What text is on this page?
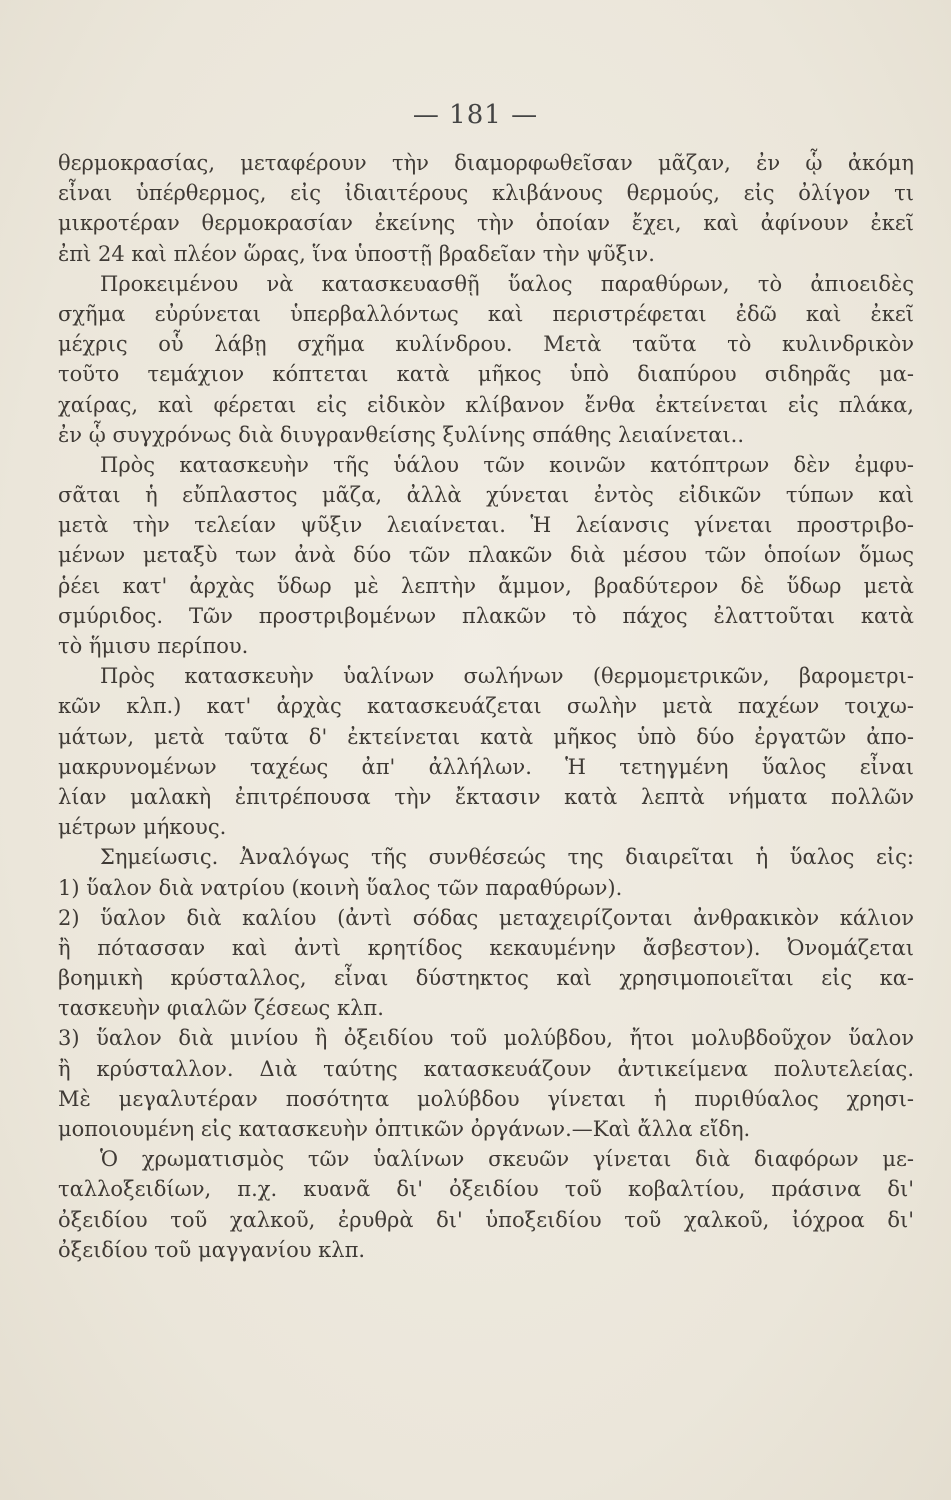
— 181 —
θερμοκρασίας, μεταφέρουν τὴν διαμορφωθεῖσαν μᾶζαν, ἐν ᾧ ἀκόμη
εἶναι ὑπέρθερμος, εἰς ἰδιαιτέρους κλιβάνους θερμούς, εἰς ὀλίγον τι
μικροτέραν θερμοκρασίαν ἐκείνης τὴν ὁποίαν ἔχει, καὶ ἀφίνουν ἐκεῖ
ἐπὶ 24 καὶ πλέον ὥρας, ἵνα ὑποστῇ βραδεῖαν τὴν ψῦξιν.
Προκειμένου νὰ κατασκευασθῇ ὕαλος παραθύρων, τὸ ἀπιοειδὲς
σχῆμα εὐρύνεται ὑπερβαλλόντως καὶ περιστρέφεται ἐδῶ καὶ ἐκεῖ
μέχρις οὗ λάβῃ σχῆμα κυλίνδρου. Μετὰ ταῦτα τὸ κυλινδρικὸν
τοῦτο τεμάχιον κόπτεται κατὰ μῆκος ὑπὸ διαπύρου σιδηρᾶς μα-
χαίρας, καὶ φέρεται εἰς εἰδικὸν κλίβανον ἔνθα ἐκτείνεται εἰς πλάκα,
ἐν ᾧ συγχρόνως διὰ διυγρανθείσης ξυλίνης σπάθης λειαίνεται..
Πρὸς κατασκευὴν τῆς ὑάλου τῶν κοινῶν κατόπτρων δὲν ἐμφυ-
σᾶται ἡ εὔπλαστος μᾶζα, ἀλλὰ χύνεται ἐντὸς εἰδικῶν τύπων καὶ
μετὰ τὴν τελείαν ψῦξιν λειαίνεται. Ἡ λείανσις γίνεται προστριβο-
μένων μεταξὺ των ἀνὰ δύο τῶν πλακῶν διὰ μέσου τῶν ὁποίων ὅμως
ῥέει κατ' ἀρχὰς ὕδωρ μὲ λεπτὴν ἄμμον, βραδύτερον δὲ ὕδωρ μετὰ
σμύριδος. Τῶν προστριβομένων πλακῶν τὸ πάχος ἐλαττοῦται κατὰ
τὸ ἥμισυ περίπου.
Πρὸς κατασκευὴν ὑαλίνων σωλήνων (θερμομετρικῶν, βαρομετρι-
κῶν κλπ.) κατ' ἀρχὰς κατασκευάζεται σωλὴν μετὰ παχέων τοιχω-
μάτων, μετὰ ταῦτα δ' ἐκτείνεται κατὰ μῆκος ὑπὸ δύο ἐργατῶν ἀπο-
μακρυνομένων ταχέως ἀπ' ἀλλήλων. Ἡ τετηγμένη ὕαλος εἶναι
λίαν μαλακὴ ἐπιτρέπουσα τὴν ἔκτασιν κατὰ λεπτὰ νήματα πολλῶν
μέτρων μήκους.
Σημείωσις. Ἀναλόγως τῆς συνθέσεώς της διαιρεῖται ἡ ὕαλος εἰς:
1) ὕαλον διὰ νατρίου (κοινὴ ὕαλος τῶν παραθύρων).
2) ὕαλον διὰ καλίου (ἀντὶ σόδας μεταχειρίζονται ἀνθρακικὸν κάλιον
ἢ πότασσαν καὶ ἀντὶ κρητίδος κεκαυμένην ἄσβεστον). Ὀνομάζεται
βοημικὴ κρύσταλλος, εἶναι δύστηκτος καὶ χρησιμοποιεῖται εἰς κα-
τασκευὴν φιαλῶν ζέσεως κλπ.
3) ὕαλον διὰ μινίου ἢ ὀξειδίου τοῦ μολύβδου, ἤτοι μολυβδοῦχον ὕαλον
ἢ κρύσταλλον. Διὰ ταύτης κατασκευάζουν ἀντικείμενα πολυτελείας.
Μὲ μεγαλυτέραν ποσότητα μολύβδου γίνεται ἡ πυριθύαλος χρησι-
μοποιουμένη εἰς κατασκευὴν ὀπτικῶν ὀργάνων.—Καὶ ἄλλα εἴδη.
Ὁ χρωματισμὸς τῶν ὑαλίνων σκευῶν γίνεται διὰ διαφόρων με-
ταλλοξειδίων, π.χ. κυανᾶ δι' ὀξειδίου τοῦ κοβαλτίου, πράσινα δι'
ὀξειδίου τοῦ χαλκοῦ, ἐρυθρὰ δι' ὑποξειδίου τοῦ χαλκοῦ, ἰόχροα δι'
ὀξειδίου τοῦ μαγγανίου κλπ.
